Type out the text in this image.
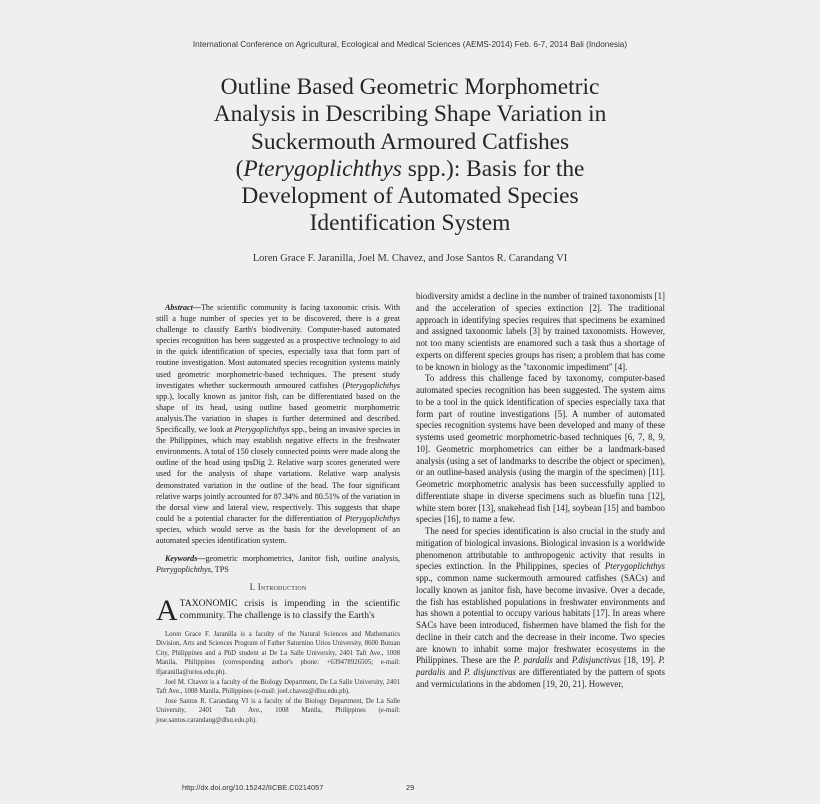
International Conference on Agricultural, Ecological and Medical Sciences (AEMS-2014) Feb. 6-7, 2014 Bali (Indonesia)
Outline Based Geometric Morphometric
Analysis in Describing Shape Variation in
Suckermouth Armoured Catfishes
(Pterygoplichthys spp.): Basis for the
Development of Automated Species
Identification System
Loren Grace F. Jaranilla, Joel M. Chavez, and Jose Santos R. Carandang VI

Abstract—The scientific community is facing taxonomic crisis. With still a huge number of species yet to be discovered, there is a great challenge to classify Earth's biodiversity. Computer-based automated species recognition has been suggested as a prospective technology to aid in the quick identification of species, especially taxa that form part of routine investigation. Most automated species recognition systems mainly used geometric morphometric-based techniques. The present study investigates whether suckermouth armoured catfishes (Pterygoplichthys spp.), locally known as janitor fish, can be differentiated based on the shape of its head, using outline based geometric morphometric analysis.The variation in shapes is further determined and described. Specifically, we look at Pterygoplichthys spp., being an invasive species in the Philippines, which may establish negative effects in the freshwater environments. A total of 150 closely connected points were made along the outline of the head using tpsDig 2. Relative warp scores generated were used for the analysis of shape variations. Relative warp analysis demonstrated variation in the outline of the head. The four significant relative warps jointly accounted for 87.34% and 80.51% of the variation in the dorsal view and lateral view, respectively. This suggests that shape could be a potential character for the differentiation of Pterygoplichthys species, which would serve as the basis for the development of an automated species identification system.

Keywords—geometric morphometrics, Janitor fish, outline analysis, Pterygoplichthys, TPS

I. Introduction

ATAXONOMIC crisis is impending in the scientific community. The challenge is to classify the Earth's

Loren Grace F. Jaranilla is a faculty of the Natural Sciences and Mathematics Division, Arts and Sciences Program of Father Saturnino Urios University, 8600 Butuan City, Philippines and a PhD student at De La Salle University, 2401 Taft Ave., 1008 Manila, Philippines (corresponding author's phone: +639478926505; e-mail: lfjaranilla@urios.edu.ph).

Joel M. Chavez is a faculty of the Biology Department, De La Salle University, 2401 Taft Ave., 1008 Manila, Philippines (e-mail: joel.chavez@dlsu.edu.ph).

Jose Santos R. Carandang VI is a faculty of the Biology Department, De La Salle University, 2401 Taft Ave., 1008 Manila, Philippines (e-mail: jose.santos.carandang@dlsu.edu.ph).

biodiversity amidst a decline in the number of trained taxonomists [1] and the acceleration of species extinction [2]. The traditional approach in identifying species requires that specimens be examined and assigned taxonomic labels [3] by trained taxonomists. However, not too many scientists are enamored such a task thus a shortage of experts on different species groups has risen; a problem that has come to be known in biology as the "taxonomic impediment" [4].

To address this challenge faced by taxonomy, computer-based automated species recognition has been suggested. The system aims to be a tool in the quick identification of species especially taxa that form part of routine investigations [5]. A number of automated species recognition systems have been developed and many of these systems used geometric morphometric-based techniques [6, 7, 8, 9, 10]. Geometric morphometrics can either be a landmark-based analysis (using a set of landmarks to describe the object or specimen), or an outline-based analysis (using the margin of the specimen) [11]. Geometric morphometric analysis has been successfully applied to differentiate shape in diverse specimens such as bluefin tuna [12], white stem borer [13], snakehead fish [14], soybean [15] and bamboo species [16], to name a few.

The need for species identification is also crucial in the study and mitigation of biological invasions. Biological invasion is a worldwide phenomenon attributable to anthropogenic activity that results in species extinction. In the Philippines, species of Pterygoplichthys spp., common name suckermouth armoured catfishes (SACs) and locally known as janitor fish, have become invasive. Over a decade, the fish has established populations in freshwater environments and has shown a potential to occupy various habitats [17]. In areas where SACs have been introduced, fishermen have blamed the fish for the decline in their catch and the decrease in their income. Two species are known to inhabit some major freshwater ecosystems in the Philippines. These are the P. pardalis and P.disjunctivus [18, 19]. P. pardalis and P. disjunctivus are differentiated by the pattern of spots and vermiculations in the abdomen [19, 20, 21]. However,

http://dx.doi.org/10.15242/IICBE.C0214057	29
